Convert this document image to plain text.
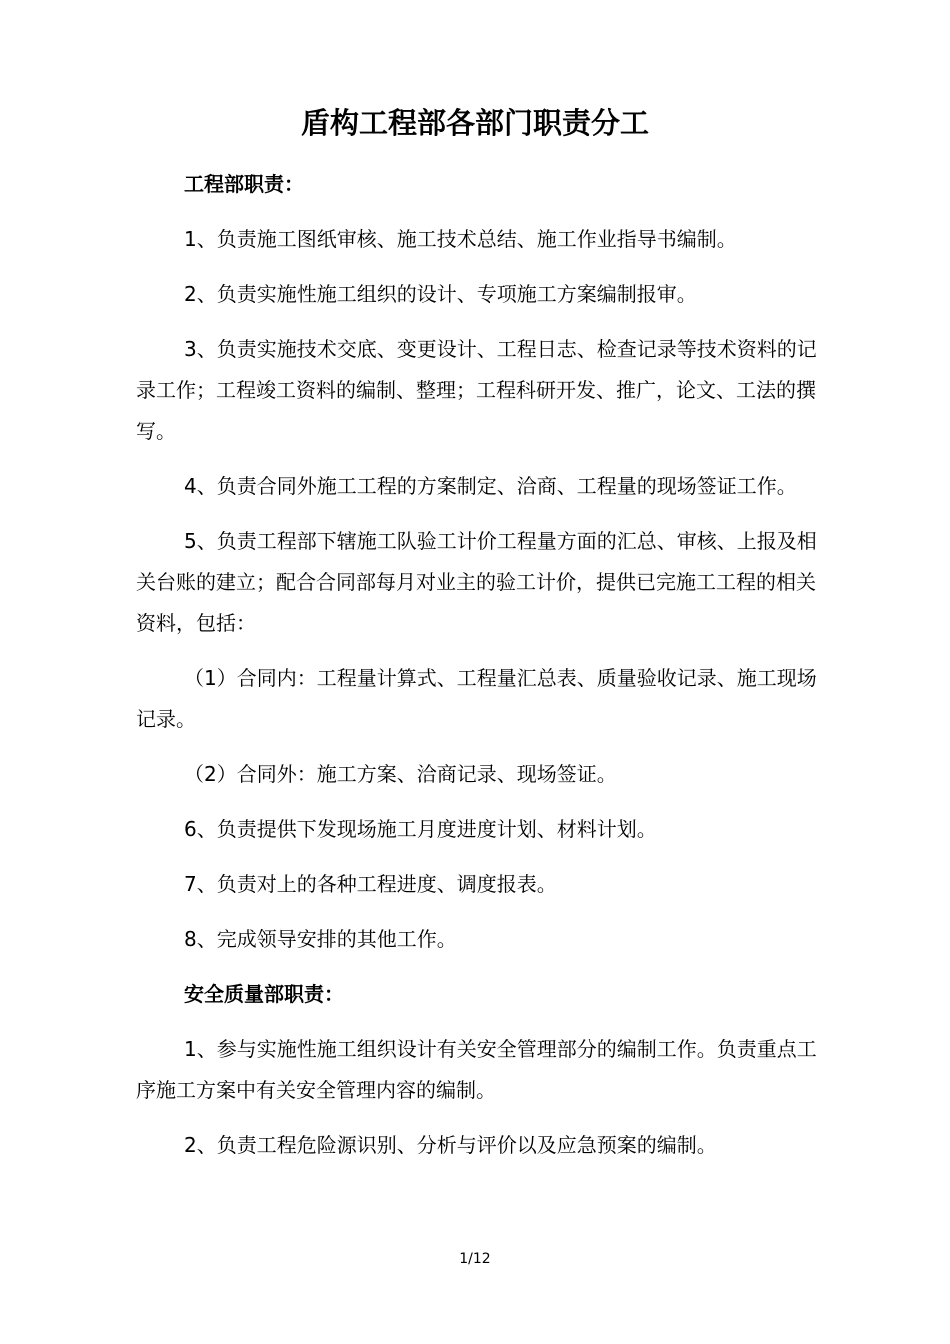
盾构工程部各部门职责分工

工程部职责：

1、负责施工图纸审核、施工技术总结、施工作业指导书编制。

2、负责实施性施工组织的设计、专项施工方案编制报审。

3、负责实施技术交底、变更设计、工程日志、检查记录等技术资料的记录工作；工程竣工资料的编制、整理；工程科研开发、推广，论文、工法的撰写。

4、负责合同外施工工程的方案制定、洽商、工程量的现场签证工作。

5、负责工程部下辖施工队验工计价工程量方面的汇总、审核、上报及相关台账的建立；配合合同部每月对业主的验工计价，提供已完施工工程的相关资料，包括：

（1）合同内：工程量计算式、工程量汇总表、质量验收记录、施工现场记录。

（2）合同外：施工方案、洽商记录、现场签证。

6、负责提供下发现场施工月度进度计划、材料计划。

7、负责对上的各种工程进度、调度报表。

8、完成领导安排的其他工作。

安全质量部职责：

1、参与实施性施工组织设计有关安全管理部分的编制工作。负责重点工序施工方案中有关安全管理内容的编制。

2、负责工程危险源识别、分析与评价以及应急预案的编制。

1/12
